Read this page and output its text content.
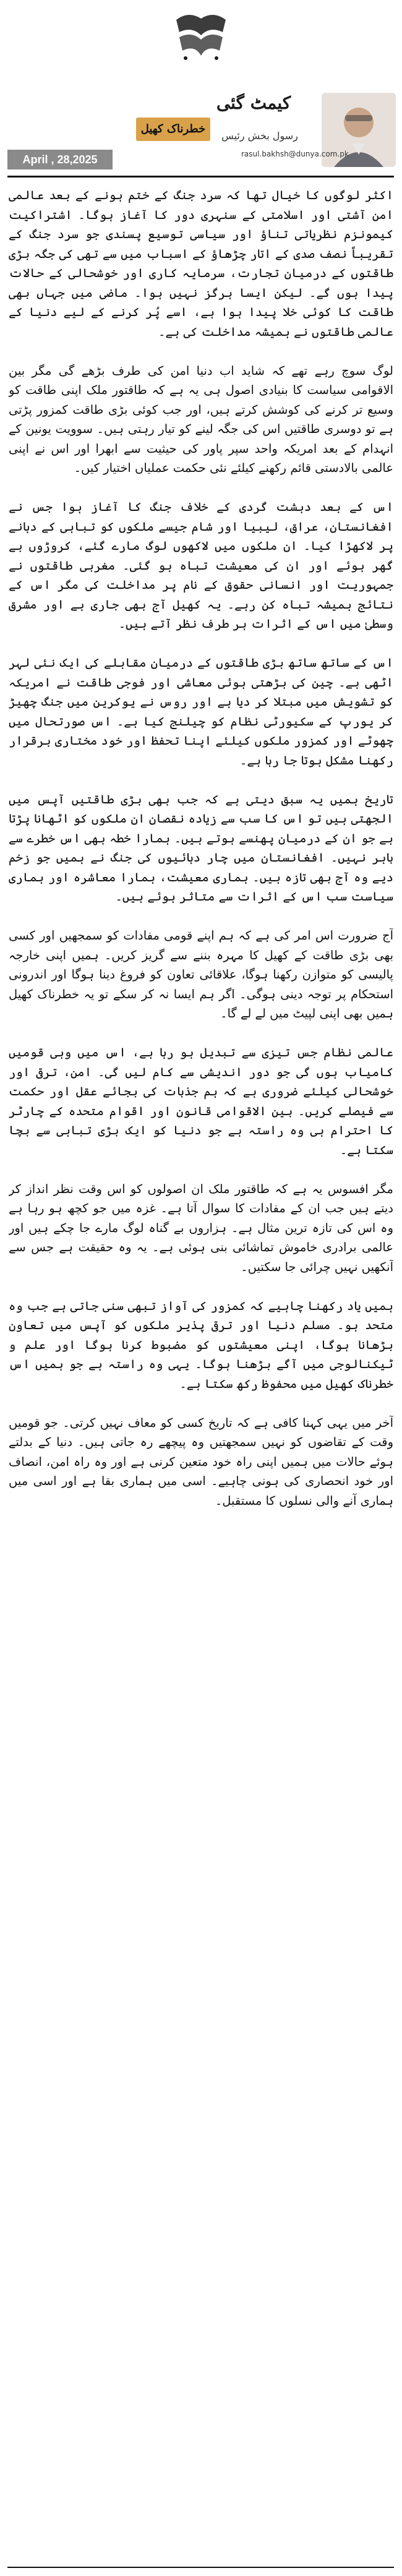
کیمٹ گئی
رسول بخش رئیس
rasul.bakhsh@dunya.com.pk
خطرناک کھیل
April , 28,2025

اکثر لوگوں کا خیال تھا کہ سرد جنگ کے ختم ہونے کے بعد عالمی امن آشتی اور اسلامتی کے سنہری دور کا آغاز ہوگا۔ اشتراکیت کیمونزم نظریاتی تناؤ اور سیاسی توسیع پسندی جو سرد جنگ کے تقریباً نصف صدی کے اتار چڑھاؤ کے اسباب میں سے تھی کی جگہ بڑی طاقتوں کے درمیان تجارت، سرمایہ کاری اور خوشحالی کے حالات پیدا ہوں گے۔ لیکن ایسا ہرگز نہیں ہوا۔ ماضی میں جہاں بھی طاقت کا کوئی خلا پیدا ہوا ہے، اسے پُر کرنے کے لیے دنیا کے عالمی طاقتوں نے ہمیشہ مداخلت کی ہے۔

لوگ سوچ رہے تھے کہ شاید اب دنیا امن کی طرف بڑھے گی مگر بین الاقوامی سیاست کا بنیادی اصول ہی یہ ہے کہ طاقتور ملک اپنی طاقت کو وسیع تر کرنے کی کوشش کرتے ہیں، اور جب کوئی بڑی طاقت کمزور پڑتی ہے تو دوسری طاقتیں اس کی جگہ لینے کو تیار رہتی ہیں۔ سوویت یونین کے انہدام کے بعد امریکہ واحد سپر پاور کی حیثیت سے ابھرا اور اس نے اپنی عالمی بالادستی قائم رکھنے کیلئے نئی حکمت عملیاں اختیار کیں۔

اس کے بعد دہشت گردی کے خلاف جنگ کا آغاز ہوا جس نے افغانستان، عراق، لیبیا اور شام جیسے ملکوں کو تباہی کے دہانے پر لاکھڑا کیا۔ ان ملکوں میں لاکھوں لوگ مارے گئے، کروڑوں بے گھر ہوئے اور ان کی معیشت تباہ ہو گئی۔ مغربی طاقتوں نے جمہوریت اور انسانی حقوق کے نام پر مداخلت کی مگر اس کے نتائج ہمیشہ تباہ کن رہے۔ یہ کھیل آج بھی جاری ہے اور مشرق وسطیٰ میں اس کے اثرات ہر طرف نظر آتے ہیں۔

اس کے ساتھ ساتھ بڑی طاقتوں کے درمیان مقابلے کی ایک نئی لہر اٹھی ہے۔ چین کی بڑھتی ہوئی معاشی اور فوجی طاقت نے امریکہ کو تشویش میں مبتلا کر دیا ہے اور روس نے یوکرین میں جنگ چھیڑ کر یورپ کے سکیورٹی نظام کو چیلنج کیا ہے۔ اس صورتحال میں چھوٹے اور کمزور ملکوں کیلئے اپنا تحفظ اور خود مختاری برقرار رکھنا مشکل ہوتا جا رہا ہے۔

تاریخ ہمیں یہ سبق دیتی ہے کہ جب بھی بڑی طاقتیں آپس میں الجھتی ہیں تو اس کا سب سے زیادہ نقصان ان ملکوں کو اٹھانا پڑتا ہے جو ان کے درمیان پھنسے ہوتے ہیں۔ ہمارا خطہ بھی اس خطرے سے باہر نہیں۔ افغانستان میں چار دہائیوں کی جنگ نے ہمیں جو زخم دیے وہ آج بھی تازہ ہیں۔ ہماری معیشت، ہمارا معاشرہ اور ہماری سیاست سب اس کے اثرات سے متاثر ہوئے ہیں۔

آج ضرورت اس امر کی ہے کہ ہم اپنے قومی مفادات کو سمجھیں اور کسی بھی بڑی طاقت کے کھیل کا مہرہ بننے سے گریز کریں۔ ہمیں اپنی خارجہ پالیسی کو متوازن رکھنا ہوگا، علاقائی تعاون کو فروغ دینا ہوگا اور اندرونی استحکام پر توجہ دینی ہوگی۔ اگر ہم ایسا نہ کر سکے تو یہ خطرناک کھیل ہمیں بھی اپنی لپیٹ میں لے لے گا۔

عالمی نظام جس تیزی سے تبدیل ہو رہا ہے، اس میں وہی قومیں کامیاب ہوں گی جو دور اندیشی سے کام لیں گی۔ امن، ترقی اور خوشحالی کیلئے ضروری ہے کہ ہم جذبات کی بجائے عقل اور حکمت سے فیصلے کریں۔ بین الاقوامی قانون اور اقوام متحدہ کے چارٹر کا احترام ہی وہ راستہ ہے جو دنیا کو ایک بڑی تباہی سے بچا سکتا ہے۔

مگر افسوس یہ ہے کہ طاقتور ملک ان اصولوں کو اس وقت نظر انداز کر دیتے ہیں جب ان کے مفادات کا سوال آتا ہے۔ غزہ میں جو کچھ ہو رہا ہے وہ اس کی تازہ ترین مثال ہے۔ ہزاروں بے گناہ لوگ مارے جا چکے ہیں اور عالمی برادری خاموش تماشائی بنی ہوئی ہے۔ یہ وہ حقیقت ہے جس سے آنکھیں نہیں چرائی جا سکتیں۔

ہمیں یاد رکھنا چاہیے کہ کمزور کی آواز تبھی سنی جاتی ہے جب وہ متحد ہو۔ مسلم دنیا اور ترقی پذیر ملکوں کو آپس میں تعاون بڑھانا ہوگا، اپنی معیشتوں کو مضبوط کرنا ہوگا اور علم و ٹیکنالوجی میں آگے بڑھنا ہوگا۔ یہی وہ راستہ ہے جو ہمیں اس خطرناک کھیل میں محفوظ رکھ سکتا ہے۔

آخر میں یہی کہنا کافی ہے کہ تاریخ کسی کو معاف نہیں کرتی۔ جو قومیں وقت کے تقاضوں کو نہیں سمجھتیں وہ پیچھے رہ جاتی ہیں۔ دنیا کے بدلتے ہوئے حالات میں ہمیں اپنی راہ خود متعین کرنی ہے اور وہ راہ امن، انصاف اور خود انحصاری کی ہونی چاہیے۔ اسی میں ہماری بقا ہے اور اسی میں ہماری آنے والی نسلوں کا مستقبل۔
